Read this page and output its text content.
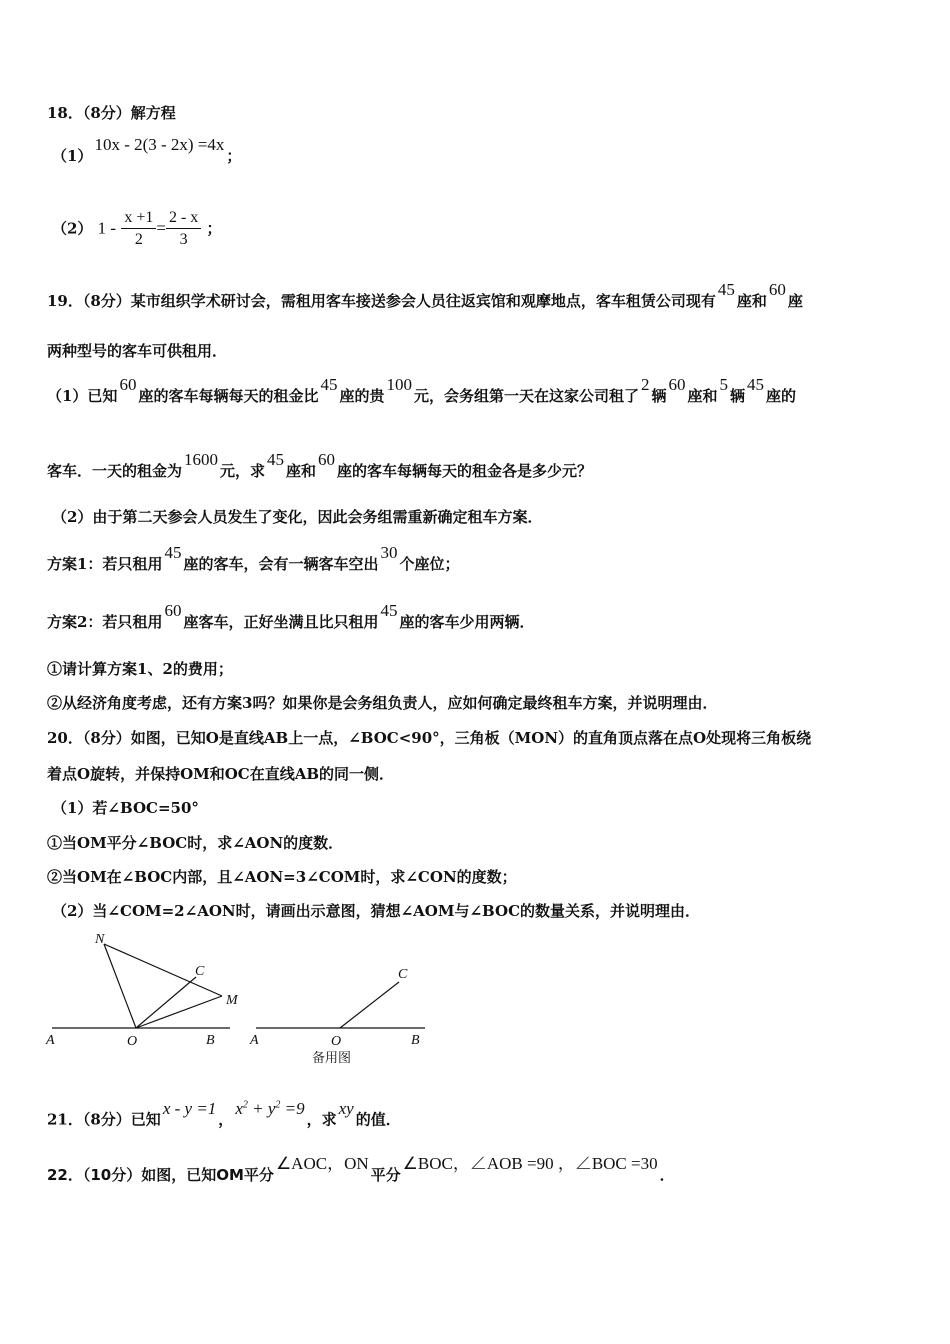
18．（8分）解方程
（1）10x - 2(3 - 2x) =4x；
（2） $1 - \frac{x +1}{2} = \frac{2 - x}{3}$ ；
19．（8分）某市组织学术研讨会，需租用客车接送参会人员往返宾馆和观摩地点，客车租赁公司现有45座和60座
两种型号的客车可供租用．
（1）已知60座的客车每辆每天的租金比45座的贵100元，会务组第一天在这家公司租了2辆60座和5辆45座的
客车．一天的租金为1600元，求45座和60座的客车每辆每天的租金各是多少元？
（2）由于第二天参会人员发生了变化，因此会务组需重新确定租车方案．
方案1：若只租用45座的客车，会有一辆客车空出30个座位；
方案2：若只租用60座客车，正好坐满且比只租用45座的客车少用两辆．
①请计算方案1、2的费用；
②从经济角度考虑，还有方案3吗？如果你是会务组负责人，应如何确定最终租车方案，并说明理由．
20．（8分）如图，已知O是直线AB上一点，∠BOC<90°，三角板（MON）的直角顶点落在点O处现将三角板绕
着点O旋转，并保持OM和OC在直线AB的同一侧．
（1）若∠BOC=50°
①当OM平分∠BOC时，求∠AON的度数．
②当OM在∠BOC内部，且∠AON=3∠COM时，求∠CON的度数；
（2）当∠COM=2∠AON时，请画出示意图，猜想∠AOM与∠BOC的数量关系，并说明理由．
N
C
M
A	O	B
C
A	O	B
备用图
21．（8分）已知x - y =1，$x^2 + y^2 =9$，求xy的值．
22．（10分）如图，已知OM平分∠AOC，ON平分∠BOC，∠AOB =90 ，∠BOC =30．
